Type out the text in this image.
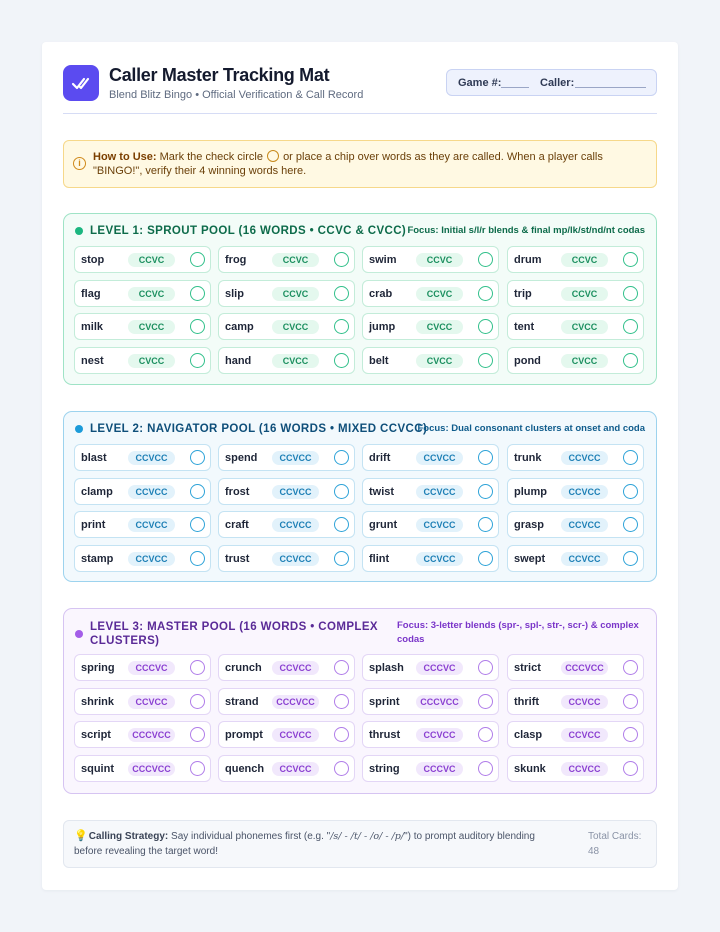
Caller Master Tracking Mat
Blend Blitz Bingo • Official Verification & Call Record
Game #:	Caller:
i	How to Use: Mark the check circle or place a chip over words as they are called. When a player calls "BINGO!", verify their 4 winning words here.
LEVEL 1: SPROUT POOL (16 WORDS • CCVC & CVCC) Focus: Initial s/l/r blends & final mp/lk/st/nd/nt codas
stop	CCVC	frog	CCVC	swim	CCVC	drum	CCVC
flag	CCVC	slip	CCVC	crab	CCVC	trip	CCVC
milk	CVCC	camp	CVCC	jump	CVCC	tent	CVCC
nest	CVCC	hand	CVCC	belt	CVCC	pond	CVCC
LEVEL 2: NAVIGATOR POOL (16 WORDS • MIXED CCVCC)
Focus: Dual consonant clusters at onset and coda
blast	CCVCC	spend	CCVCC	drift	CCVCC	trunk	CCVCC
clamp	CCVCC	frost	CCVCC	twist	CCVCC	plump	CCVCC
print	CCVCC	craft	CCVCC	grunt	CCVCC	grasp	CCVCC
stamp	CCVCC	trust	CCVCC	flint	CCVCC	swept	CCVCC
LEVEL 3: MASTER POOL (16 WORDS • COMPLEX CLUSTERS)
Focus: 3-letter blends (spr-, spl-, str-, scr-) & complex codas
spring	CCCVC	crunch	CCVCC	splash	CCCVC	strict	CCCVCC
shrink	CCVCC	strand	CCCVCC	sprint	CCCVCC	thrift	CCVCC
script	CCCVCC	prompt	CCVCC	thrust	CCVCC	clasp	CCVCC
squint	CCCVCC	quench	CCVCC	string	CCCVC	skunk	CCVCC
💡 Calling Strategy: Say individual phonemes first (e.g. "/s/ - /t/ - /o/ - /p/") to prompt auditory blending before revealing the target word!
Total Cards:
48
